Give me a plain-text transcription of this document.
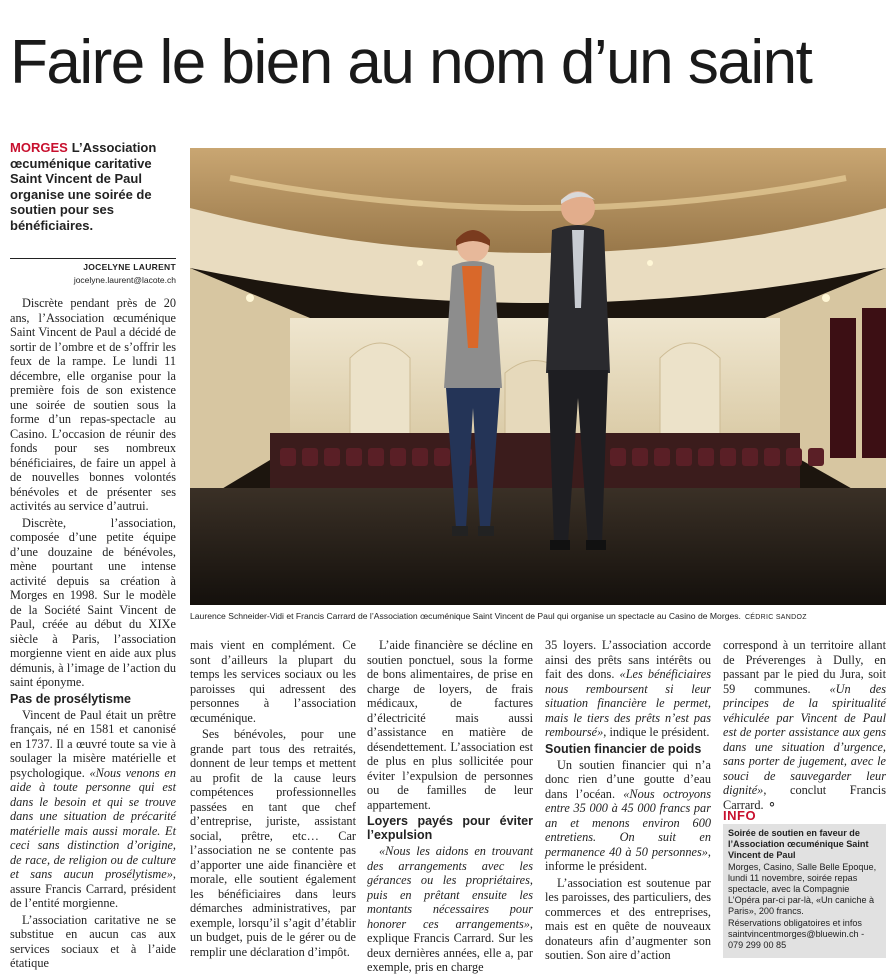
Faire le bien au nom d’un saint
MORGES L’Association œcuménique caritative Saint Vincent de Paul organise une soirée de soutien pour ses bénéficiaires.
JOCELYNE LAURENT
jocelyne.laurent@lacote.ch

Discrète pendant près de 20 ans, l’Association œcuménique Saint Vincent de Paul a décidé de sortir de l’ombre et de s’offrir les feux de la rampe. Le lundi 11 décembre, elle organise pour la première fois de son existence une soirée de soutien sous la forme d’un repas-spectacle au Casino. L’occasion de réunir des fonds pour ses nombreux bénéficiaires, de faire un appel à de nouvelles bonnes volontés bénévoles et de présenter ses activités au service d’autrui.

Discrète, l’association, composée d’une petite équipe d’une douzaine de bénévoles, mène pourtant une intense activité depuis sa création à Morges en 1998. Sur le modèle de la Société Saint Vincent de Paul, créée au début du XIXe siècle à Paris, l’association morgienne vient en aide aux plus démunis, à l’image de l’action du saint éponyme.

Pas de prosélytisme

Vincent de Paul était un prêtre français, né en 1581 et canonisé en 1737. Il a œuvré toute sa vie à soulager la misère matérielle et psychologique. «Nous venons en aide à toute personne qui est dans le besoin et qui se trouve dans une situation de précarité matérielle mais aussi morale. Et ceci sans distinction d’origine, de race, de religion ou de culture et sans aucun prosélytisme», assure Francis Carrard, président de l’entité morgienne.

L’association caritative ne se substitue en aucun cas aux services sociaux et à l’aide étatique

Laurence Schneider-Vidi et Francis Carrard de l’Association œcuménique Saint Vincent de Paul qui organise un spectacle au Casino de Morges. CÉDRIC SANDOZ

mais vient en complément. Ce sont d’ailleurs la plupart du temps les services sociaux ou les paroisses qui adressent des personnes à l’association œcuménique.

Ses bénévoles, pour une grande part tous des retraités, donnent de leur temps et mettent au profit de la cause leurs compétences professionnelles passées en tant que chef d’entreprise, juriste, assistant social, prêtre, etc… Car l’association ne se contente pas d’apporter une aide financière et morale, elle soutient également les bénéficiaires dans leurs démarches administratives, par exemple, lorsqu’il s’agit d’établir un budget, puis de le gérer ou de remplir une déclaration d’impôt.

L’aide financière se décline en soutien ponctuel, sous la forme de bons alimentaires, de prise en charge de loyers, de frais médicaux, de factures d’électricité mais aussi d’assistance en matière de désendettement. L’association est de plus en plus sollicitée pour éviter l’expulsion de personnes ou de familles de leur appartement.

Loyers payés pour éviter l’expulsion

«Nous les aidons en trouvant des arrangements avec les gérances ou les propriétaires, puis en prêtant ensuite les montants nécessaires pour honorer ces arrangements», explique Francis Carrard. Sur les deux dernières années, elle a, par exemple, pris en charge

35 loyers. L’association accorde ainsi des prêts sans intérêts ou fait des dons. «Les bénéficiaires nous remboursent si leur situation financière le permet, mais le tiers des prêts n’est pas remboursé», indique le président.

Soutien financier de poids

Un soutien financier qui n’a donc rien d’une goutte d’eau dans l’océan. «Nous octroyons entre 35 000 à 45 000 francs par an et menons environ 600 entretiens. On suit en permanence 40 à 50 personnes», informe le président.

L’association est soutenue par les paroisses, des particuliers, des commerces et des entreprises, mais est en quête de nouveaux donateurs afin d’augmenter son soutien. Son aire d’action

correspond à un territoire allant de Préverenges à Dully, en passant par le pied du Jura, soit 59 communes. «Un des principes de la spiritualité véhiculée par Vincent de Paul est de porter assistance aux gens dans une situation d’urgence, sans porter de jugement, avec le souci de sauvegarder leur dignité», conclut Francis Carrard. ⚬

INFO
Soirée de soutien en faveur de l’Association œcuménique Saint Vincent de Paul
Morges, Casino, Salle Belle Epoque, lundi 11 novembre, soirée repas spectacle, avec la Compagnie L’Opéra par-ci par-là, «Un caniche à Paris», 200 francs.
Réservations obligatoires et infos saintvincentmorges@bluewin.ch - 079 299 00 85
